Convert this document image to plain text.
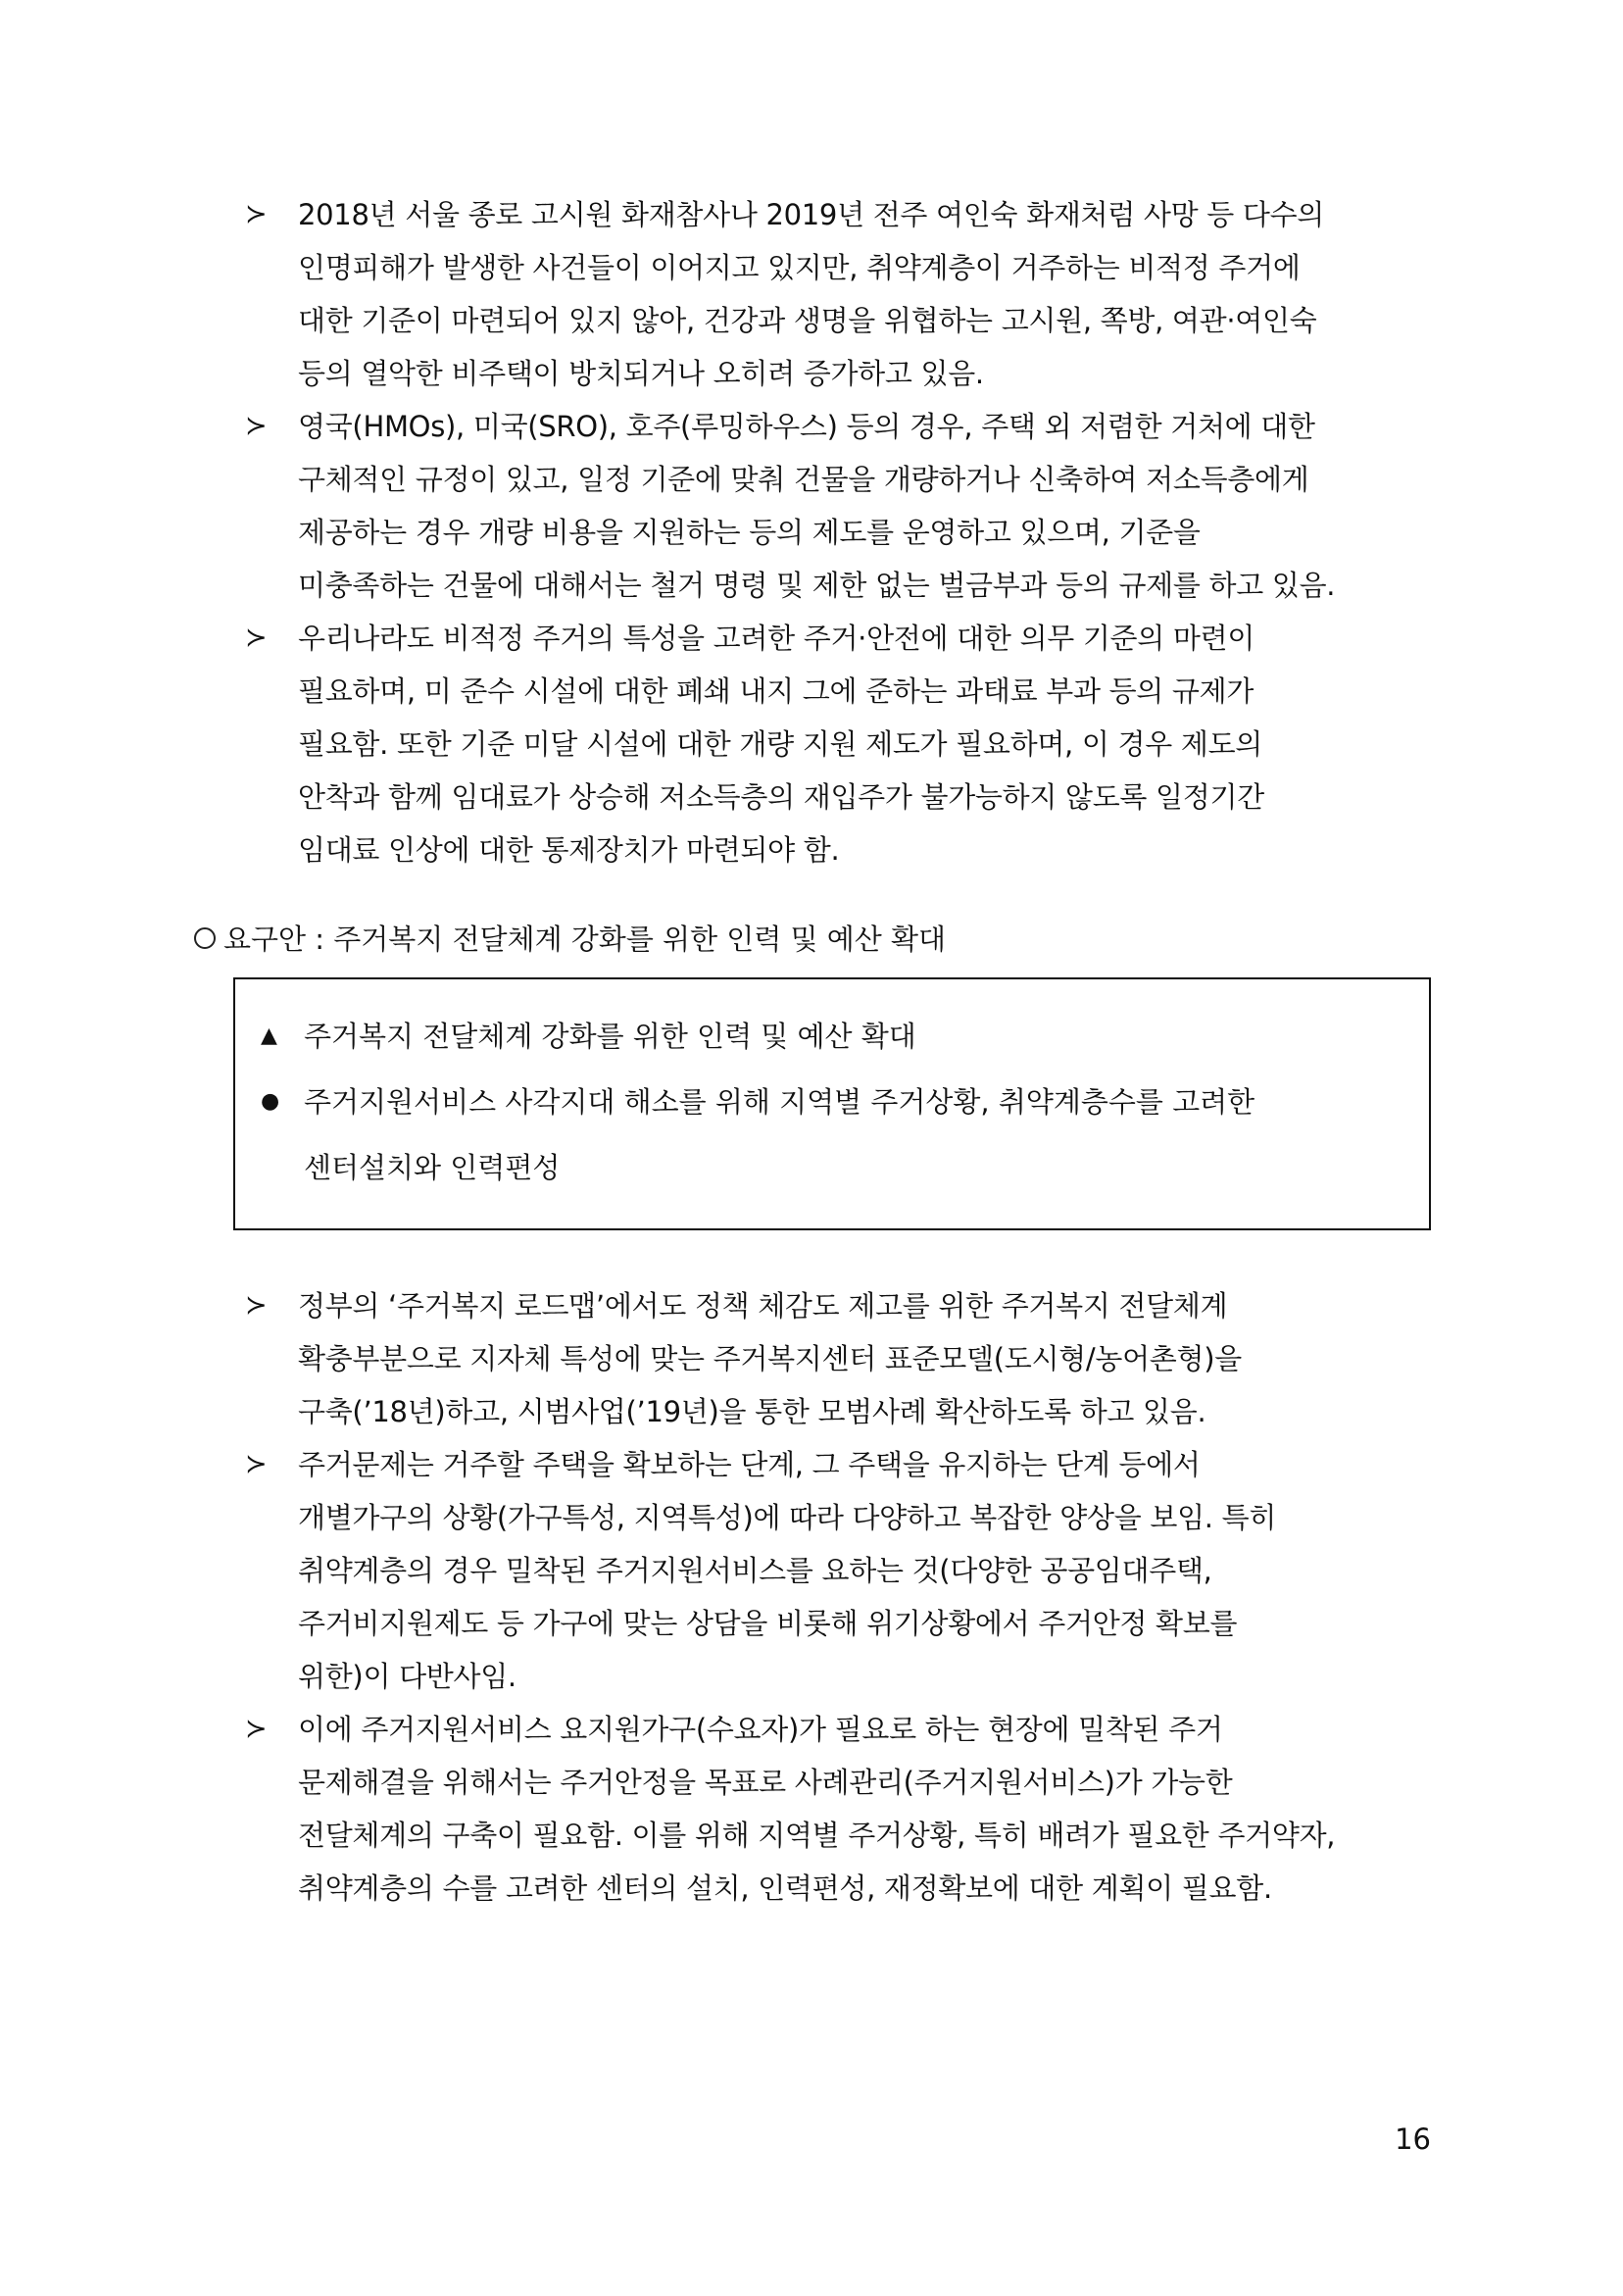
≻	2018년 서울 종로 고시원 화재참사나 2019년 전주 여인숙 화재처럼 사망 등 다수의
인명피해가 발생한 사건들이 이어지고 있지만, 취약계층이 거주하는 비적정 주거에
대한 기준이 마련되어 있지 않아, 건강과 생명을 위협하는 고시원, 쪽방, 여관·여인숙
등의 열악한 비주택이 방치되거나 오히려 증가하고 있음.
≻	영국(HMOs), 미국(SRO), 호주(루밍하우스) 등의 경우, 주택 외 저렴한 거처에 대한
구체적인 규정이 있고, 일정 기준에 맞춰 건물을 개량하거나 신축하여 저소득층에게
제공하는 경우 개량 비용을 지원하는 등의 제도를 운영하고 있으며, 기준을
미충족하는 건물에 대해서는 철거 명령 및 제한 없는 벌금부과 등의 규제를 하고 있음.
≻	우리나라도 비적정 주거의 특성을 고려한 주거·안전에 대한 의무 기준의 마련이
필요하며, 미 준수 시설에 대한 폐쇄 내지 그에 준하는 과태료 부과 등의 규제가
필요함. 또한 기준 미달 시설에 대한 개량 지원 제도가 필요하며, 이 경우 제도의
안착과 함께 임대료가 상승해 저소득층의 재입주가 불가능하지 않도록 일정기간
임대료 인상에 대한 통제장치가 마련되야 함.
요구안 : 주거복지 전달체계 강화를 위한 인력 및 예산 확대
▲ 주거복지 전달체계 강화를 위한 인력 및 예산 확대
● 주거지원서비스 사각지대 해소를 위해 지역별 주거상황, 취약계층수를 고려한
센터설치와 인력편성
≻	정부의 ‘주거복지 로드맵’에서도 정책 체감도 제고를 위한 주거복지 전달체계
확충부분으로 지자체 특성에 맞는 주거복지센터 표준모델(도시형/농어촌형)을
구축(’18년)하고, 시범사업(’19년)을 통한 모범사례 확산하도록 하고 있음.
≻	주거문제는 거주할 주택을 확보하는 단계, 그 주택을 유지하는 단계 등에서
개별가구의 상황(가구특성, 지역특성)에 따라 다양하고 복잡한 양상을 보임. 특히
취약계층의 경우 밀착된 주거지원서비스를 요하는 것(다양한 공공임대주택,
주거비지원제도 등 가구에 맞는 상담을 비롯해 위기상황에서 주거안정 확보를
위한)이 다반사임.
≻	이에 주거지원서비스 요지원가구(수요자)가 필요로 하는 현장에 밀착된 주거
문제해결을 위해서는 주거안정을 목표로 사례관리(주거지원서비스)가 가능한
전달체계의 구축이 필요함. 이를 위해 지역별 주거상황, 특히 배려가 필요한 주거약자,
취약계층의 수를 고려한 센터의 설치, 인력편성, 재정확보에 대한 계획이 필요함.
16
